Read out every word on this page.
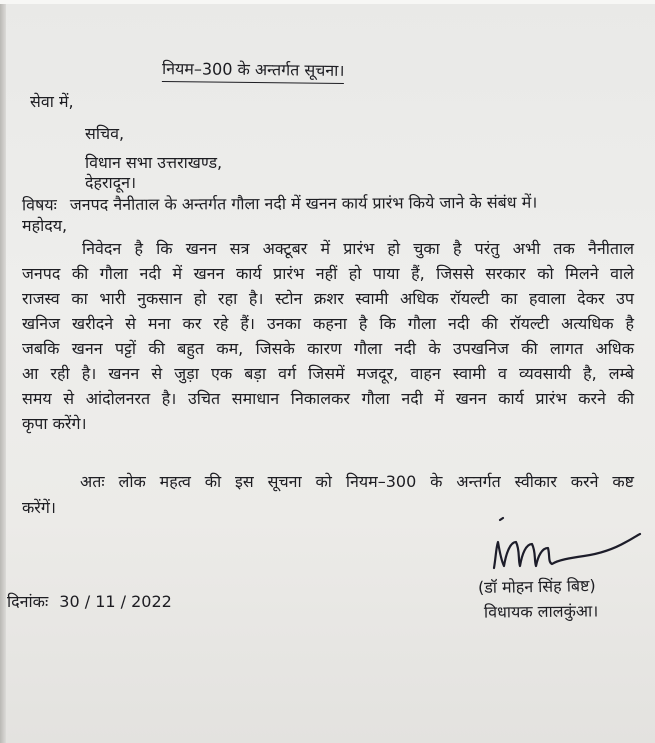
नियम–300 के अन्तर्गत सूचना।
सेवा में,
सचिव,
विधान सभा उत्तराखण्ड,
देहरादून।
विषयः जनपद नैनीताल के अन्तर्गत गौला नदी में खनन कार्य प्रारंभ किये जाने के संबंध में।
महोदय,
निवेदन है कि खनन सत्र अक्टूबर में प्रारंभ हो चुका है परंतु अभी तक नैनीताल
जनपद की गौला नदी में खनन कार्य प्रारंभ नहीं हो पाया हैं, जिससे सरकार को मिलने वाले
राजस्व का भारी नुकसान हो रहा है। स्टोन क्रशर स्वामी अधिक रॉयल्टी का हवाला देकर उप
खनिज खरीदने से मना कर रहे हैं। उनका कहना है कि गौला नदी की रॉयल्टी अत्यधिक है
जबकि खनन पट्टों की बहुत कम, जिसके कारण गौला नदी के उपखनिज की लागत अधिक
आ रही है। खनन से जुड़ा एक बड़ा वर्ग जिसमें मजदूर, वाहन स्वामी व व्यवसायी है, लम्बे
समय से आंदोलनरत है। उचित समाधान निकालकर गौला नदी में खनन कार्य प्रारंभ करने की
कृपा करेंगे।
अतः लोक महत्व की इस सूचना को नियम–300 के अन्तर्गत स्वीकार करने कष्ट
करेंगें।
दिनांकः 30 / 11 / 2022
(डॉ मोहन सिंह बिष्ट)
विधायक लालकुंआ।
